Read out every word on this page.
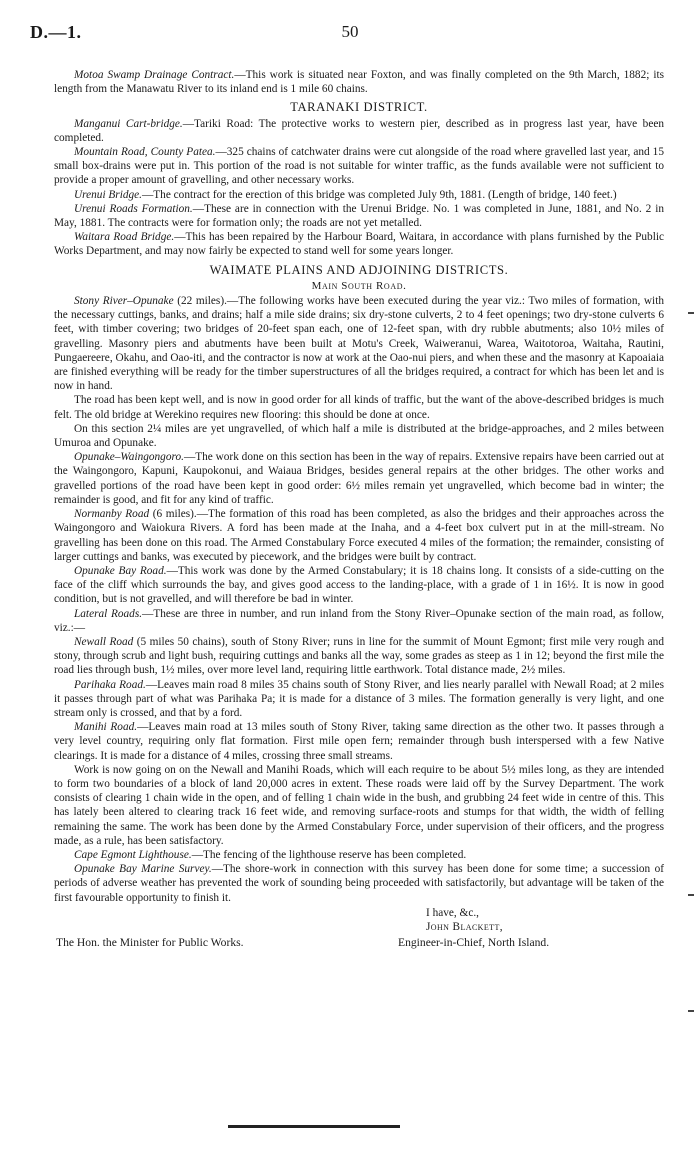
D.—1.	50

Motoa Swamp Drainage Contract.—This work is situated near Foxton, and was finally completed on the 9th March, 1882; its length from the Manawatu River to its inland end is 1 mile 60 chains.

TARANAKI DISTRICT.

Manganui Cart-bridge.—Tariki Road: The protective works to western pier, described as in progress last year, have been completed.

Mountain Road, County Patea.—325 chains of catchwater drains were cut alongside of the road where gravelled last year, and 15 small box-drains were put in. This portion of the road is not suitable for winter traffic, as the funds available were not sufficient to provide a proper amount of gravelling, and other necessary works.

Urenui Bridge.—The contract for the erection of this bridge was completed July 9th, 1881. (Length of bridge, 140 feet.)

Urenui Roads Formation.—These are in connection with the Urenui Bridge. No. 1 was completed in June, 1881, and No. 2 in May, 1881. The contracts were for formation only; the roads are not yet metalled.

Waitara Road Bridge.—This has been repaired by the Harbour Board, Waitara, in accordance with plans furnished by the Public Works Department, and may now fairly be expected to stand well for some years longer.

WAIMATE PLAINS AND ADJOINING DISTRICTS.
Main South Road.

Stony River–Opunake (22 miles).—The following works have been executed during the year viz.: Two miles of formation, with the necessary cuttings, banks, and drains; half a mile side drains; six dry-stone culverts, 2 to 4 feet openings; two dry-stone culverts 6 feet, with timber covering; two bridges of 20-feet span each, one of 12-feet span, with dry rubble abutments; also 10½ miles of gravelling. Masonry piers and abutments have been built at Motu's Creek, Waiweranui, Warea, Waitotoroa, Waitaha, Rautini, Pungaereere, Okahu, and Oao-iti, and the contractor is now at work at the Oao-nui piers, and when these and the masonry at Kapoaiaia are finished everything will be ready for the timber superstructures of all the bridges required, a contract for which has been let and is now in hand.

The road has been kept well, and is now in good order for all kinds of traffic, but the want of the above-described bridges is much felt. The old bridge at Werekino requires new flooring: this should be done at once.

On this section 2¼ miles are yet ungravelled, of which half a mile is distributed at the bridge-approaches, and 2 miles between Umuroa and Opunake.

Opunake–Waingongoro.—The work done on this section has been in the way of repairs. Extensive repairs have been carried out at the Waingongoro, Kapuni, Kaupokonui, and Waiaua Bridges, besides general repairs at the other bridges. The other works and gravelled portions of the road have been kept in good order: 6½ miles remain yet ungravelled, which become bad in winter; the remainder is good, and fit for any kind of traffic.

Normanby Road (6 miles).—The formation of this road has been completed, as also the bridges and their approaches across the Waingongoro and Waiokura Rivers. A ford has been made at the Inaha, and a 4-feet box culvert put in at the mill-stream. No gravelling has been done on this road. The Armed Constabulary Force executed 4 miles of the formation; the remainder, consisting of larger cuttings and banks, was executed by piecework, and the bridges were built by contract.

Opunake Bay Road.—This work was done by the Armed Constabulary; it is 18 chains long. It consists of a side-cutting on the face of the cliff which surrounds the bay, and gives good access to the landing-place, with a grade of 1 in 16½. It is now in good condition, but is not gravelled, and will therefore be bad in winter.

Lateral Roads.—These are three in number, and run inland from the Stony River–Opunake section of the main road, as follow, viz.:—

Newall Road (5 miles 50 chains), south of Stony River; runs in line for the summit of Mount Egmont; first mile very rough and stony, through scrub and light bush, requiring cuttings and banks all the way, some grades as steep as 1 in 12; beyond the first mile the road lies through bush, 1½ miles, over more level land, requiring little earthwork. Total distance made, 2½ miles.

Parihaka Road.—Leaves main road 8 miles 35 chains south of Stony River, and lies nearly parallel with Newall Road; at 2 miles it passes through part of what was Parihaka Pa; it is made for a distance of 3 miles. The formation generally is very light, and one stream only is crossed, and that by a ford.

Manihi Road.—Leaves main road at 13 miles south of Stony River, taking same direction as the other two. It passes through a very level country, requiring only flat formation. First mile open fern; remainder through bush interspersed with a few Native clearings. It is made for a distance of 4 miles, crossing three small streams.

Work is now going on on the Newall and Manihi Roads, which will each require to be about 5½ miles long, as they are intended to form two boundaries of a block of land 20,000 acres in extent. These roads were laid off by the Survey Department. The work consists of clearing 1 chain wide in the open, and of felling 1 chain wide in the bush, and grubbing 24 feet wide in centre of this. This has lately been altered to clearing track 16 feet wide, and removing surface-roots and stumps for that width, the width of felling remaining the same. The work has been done by the Armed Constabulary Force, under supervision of their officers, and the progress made, as a rule, has been satisfactory.

Cape Egmont Lighthouse.—The fencing of the lighthouse reserve has been completed.

Opunake Bay Marine Survey.—The shore-work in connection with this survey has been done for some time; a succession of periods of adverse weather has prevented the work of sounding being proceeded with satisfactorily, but advantage will be taken of the first favourable opportunity to finish it.

I have, &c.,
John Blackett,
The Hon. the Minister for Public Works.	Engineer-in-Chief, North Island.
